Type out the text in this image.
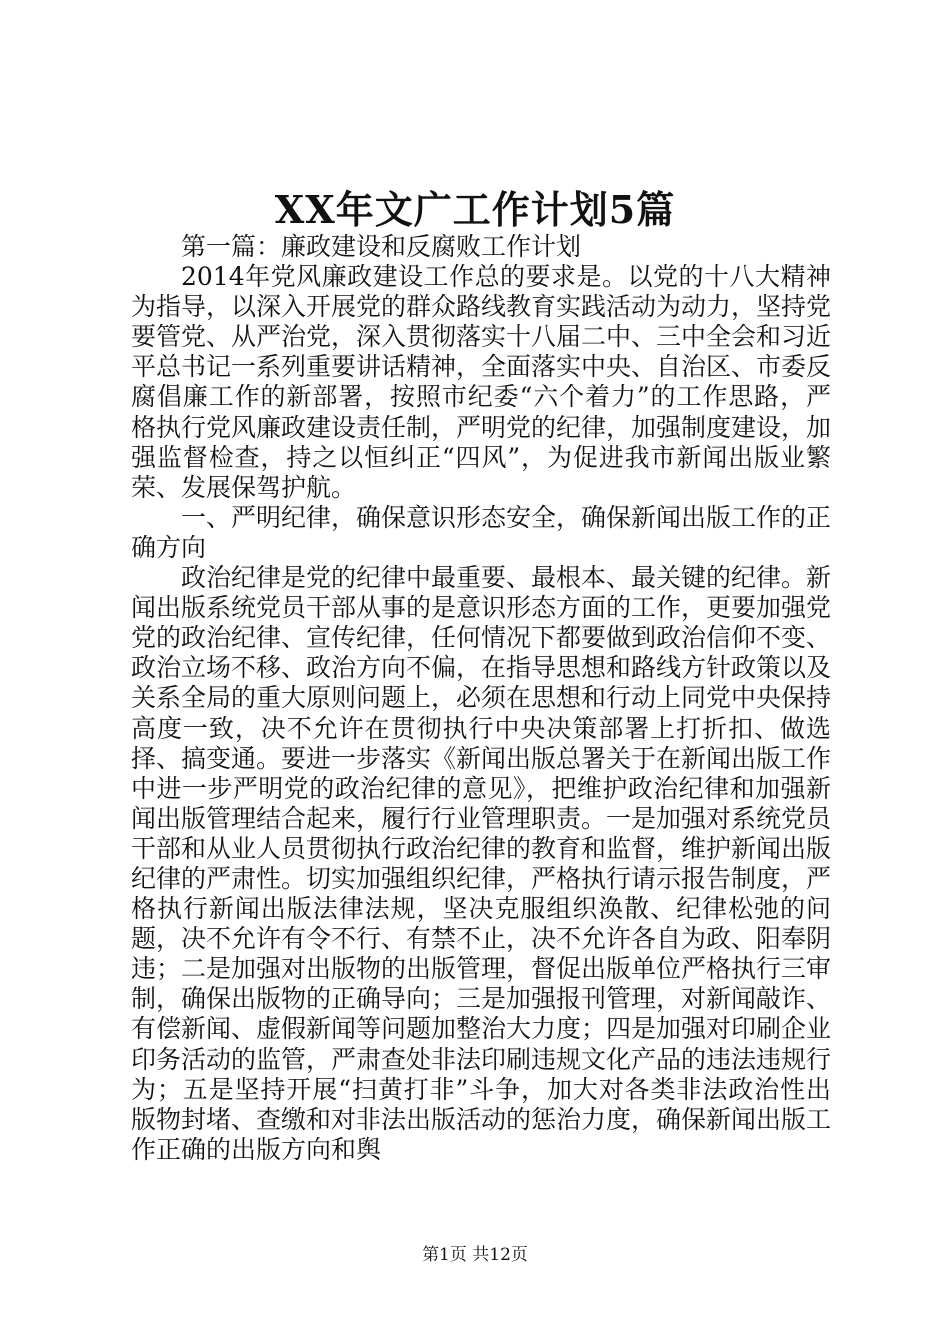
XX年文广工作计划5篇

第一篇：廉政建设和反腐败工作计划

2014年党风廉政建设工作总的要求是。以党的十八大精神为指导，以深入开展党的群众路线教育实践活动为动力，坚持党要管党、从严治党，深入贯彻落实十八届二中、三中全会和习近平总书记一系列重要讲话精神，全面落实中央、自治区、市委反腐倡廉工作的新部署，按照市纪委“六个着力”的工作思路，严格执行党风廉政建设责任制，严明党的纪律，加强制度建设，加强监督检查，持之以恒纠正“四风”，为促进我市新闻出版业繁荣、发展保驾护航。

一、严明纪律，确保意识形态安全，确保新闻出版工作的正确方向

政治纪律是党的纪律中最重要、最根本、最关键的纪律。新闻出版系统党员干部从事的是意识形态方面的工作，更要加强党党的政治纪律、宣传纪律，任何情况下都要做到政治信仰不变、政治立场不移、政治方向不偏，在指导思想和路线方针政策以及关系全局的重大原则问题上，必须在思想和行动上同党中央保持高度一致，决不允许在贯彻执行中央决策部署上打折扣、做选择、搞变通。要进一步落实《新闻出版总署关于在新闻出版工作中进一步严明党的政治纪律的意见》，把维护政治纪律和加强新闻出版管理结合起来，履行行业管理职责。一是加强对系统党员干部和从业人员贯彻执行政治纪律的教育和监督，维护新闻出版纪律的严肃性。切实加强组织纪律，严格执行请示报告制度，严格执行新闻出版法律法规，坚决克服组织涣散、纪律松弛的问题，决不允许有令不行、有禁不止，决不允许各自为政、阳奉阴违；二是加强对出版物的出版管理，督促出版单位严格执行三审制，确保出版物的正确导向；三是加强报刊管理，对新闻敲诈、有偿新闻、虚假新闻等问题加整治大力度；四是加强对印刷企业印务活动的监管，严肃查处非法印刷违规文化产品的违法违规行为；五是坚持开展“扫黄打非”斗争，加大对各类非法政治性出版物封堵、查缴和对非法出版活动的惩治力度，确保新闻出版工作正确的出版方向和舆

第1页 共12页
